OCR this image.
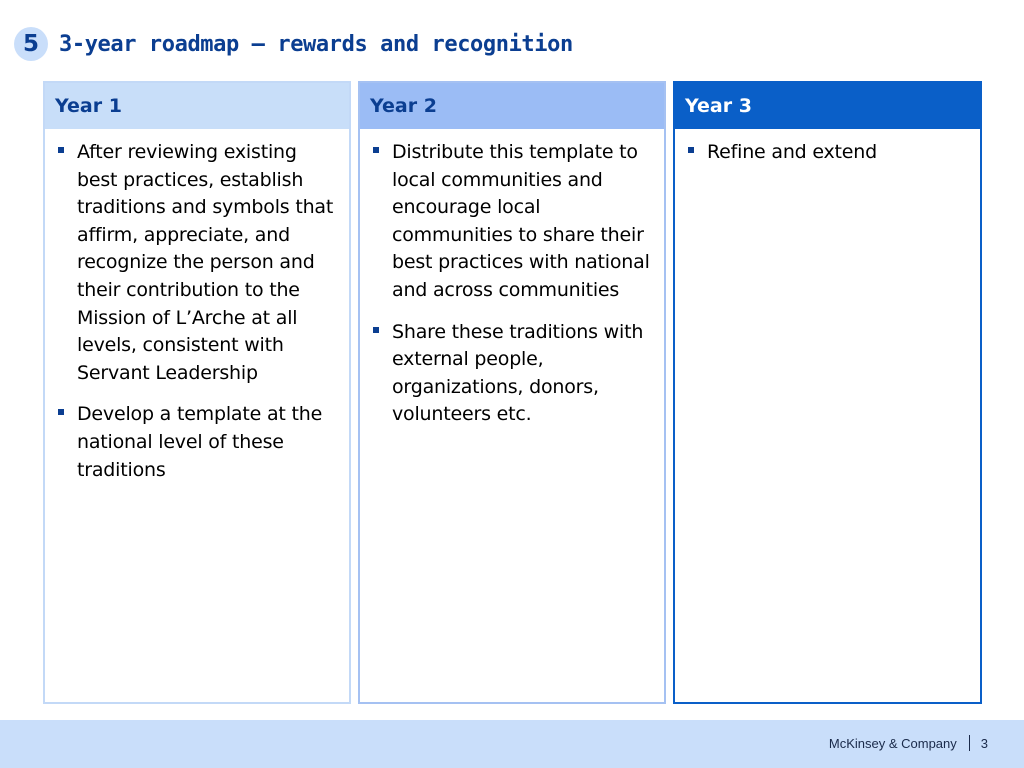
5 3-year roadmap – rewards and recognition
Year 1
After reviewing existing best practices, establish traditions and symbols that affirm, appreciate, and recognize the person and their contribution to the Mission of L’Arche at all levels, consistent with Servant Leadership
Develop a template at the national level of these traditions
Year 2
Distribute this template to local communities and encourage local communities to share their best practices with national and across communities
Share these traditions with external people, organizations, donors, volunteers etc.
Year 3
Refine and extend
McKinsey & Company 3
